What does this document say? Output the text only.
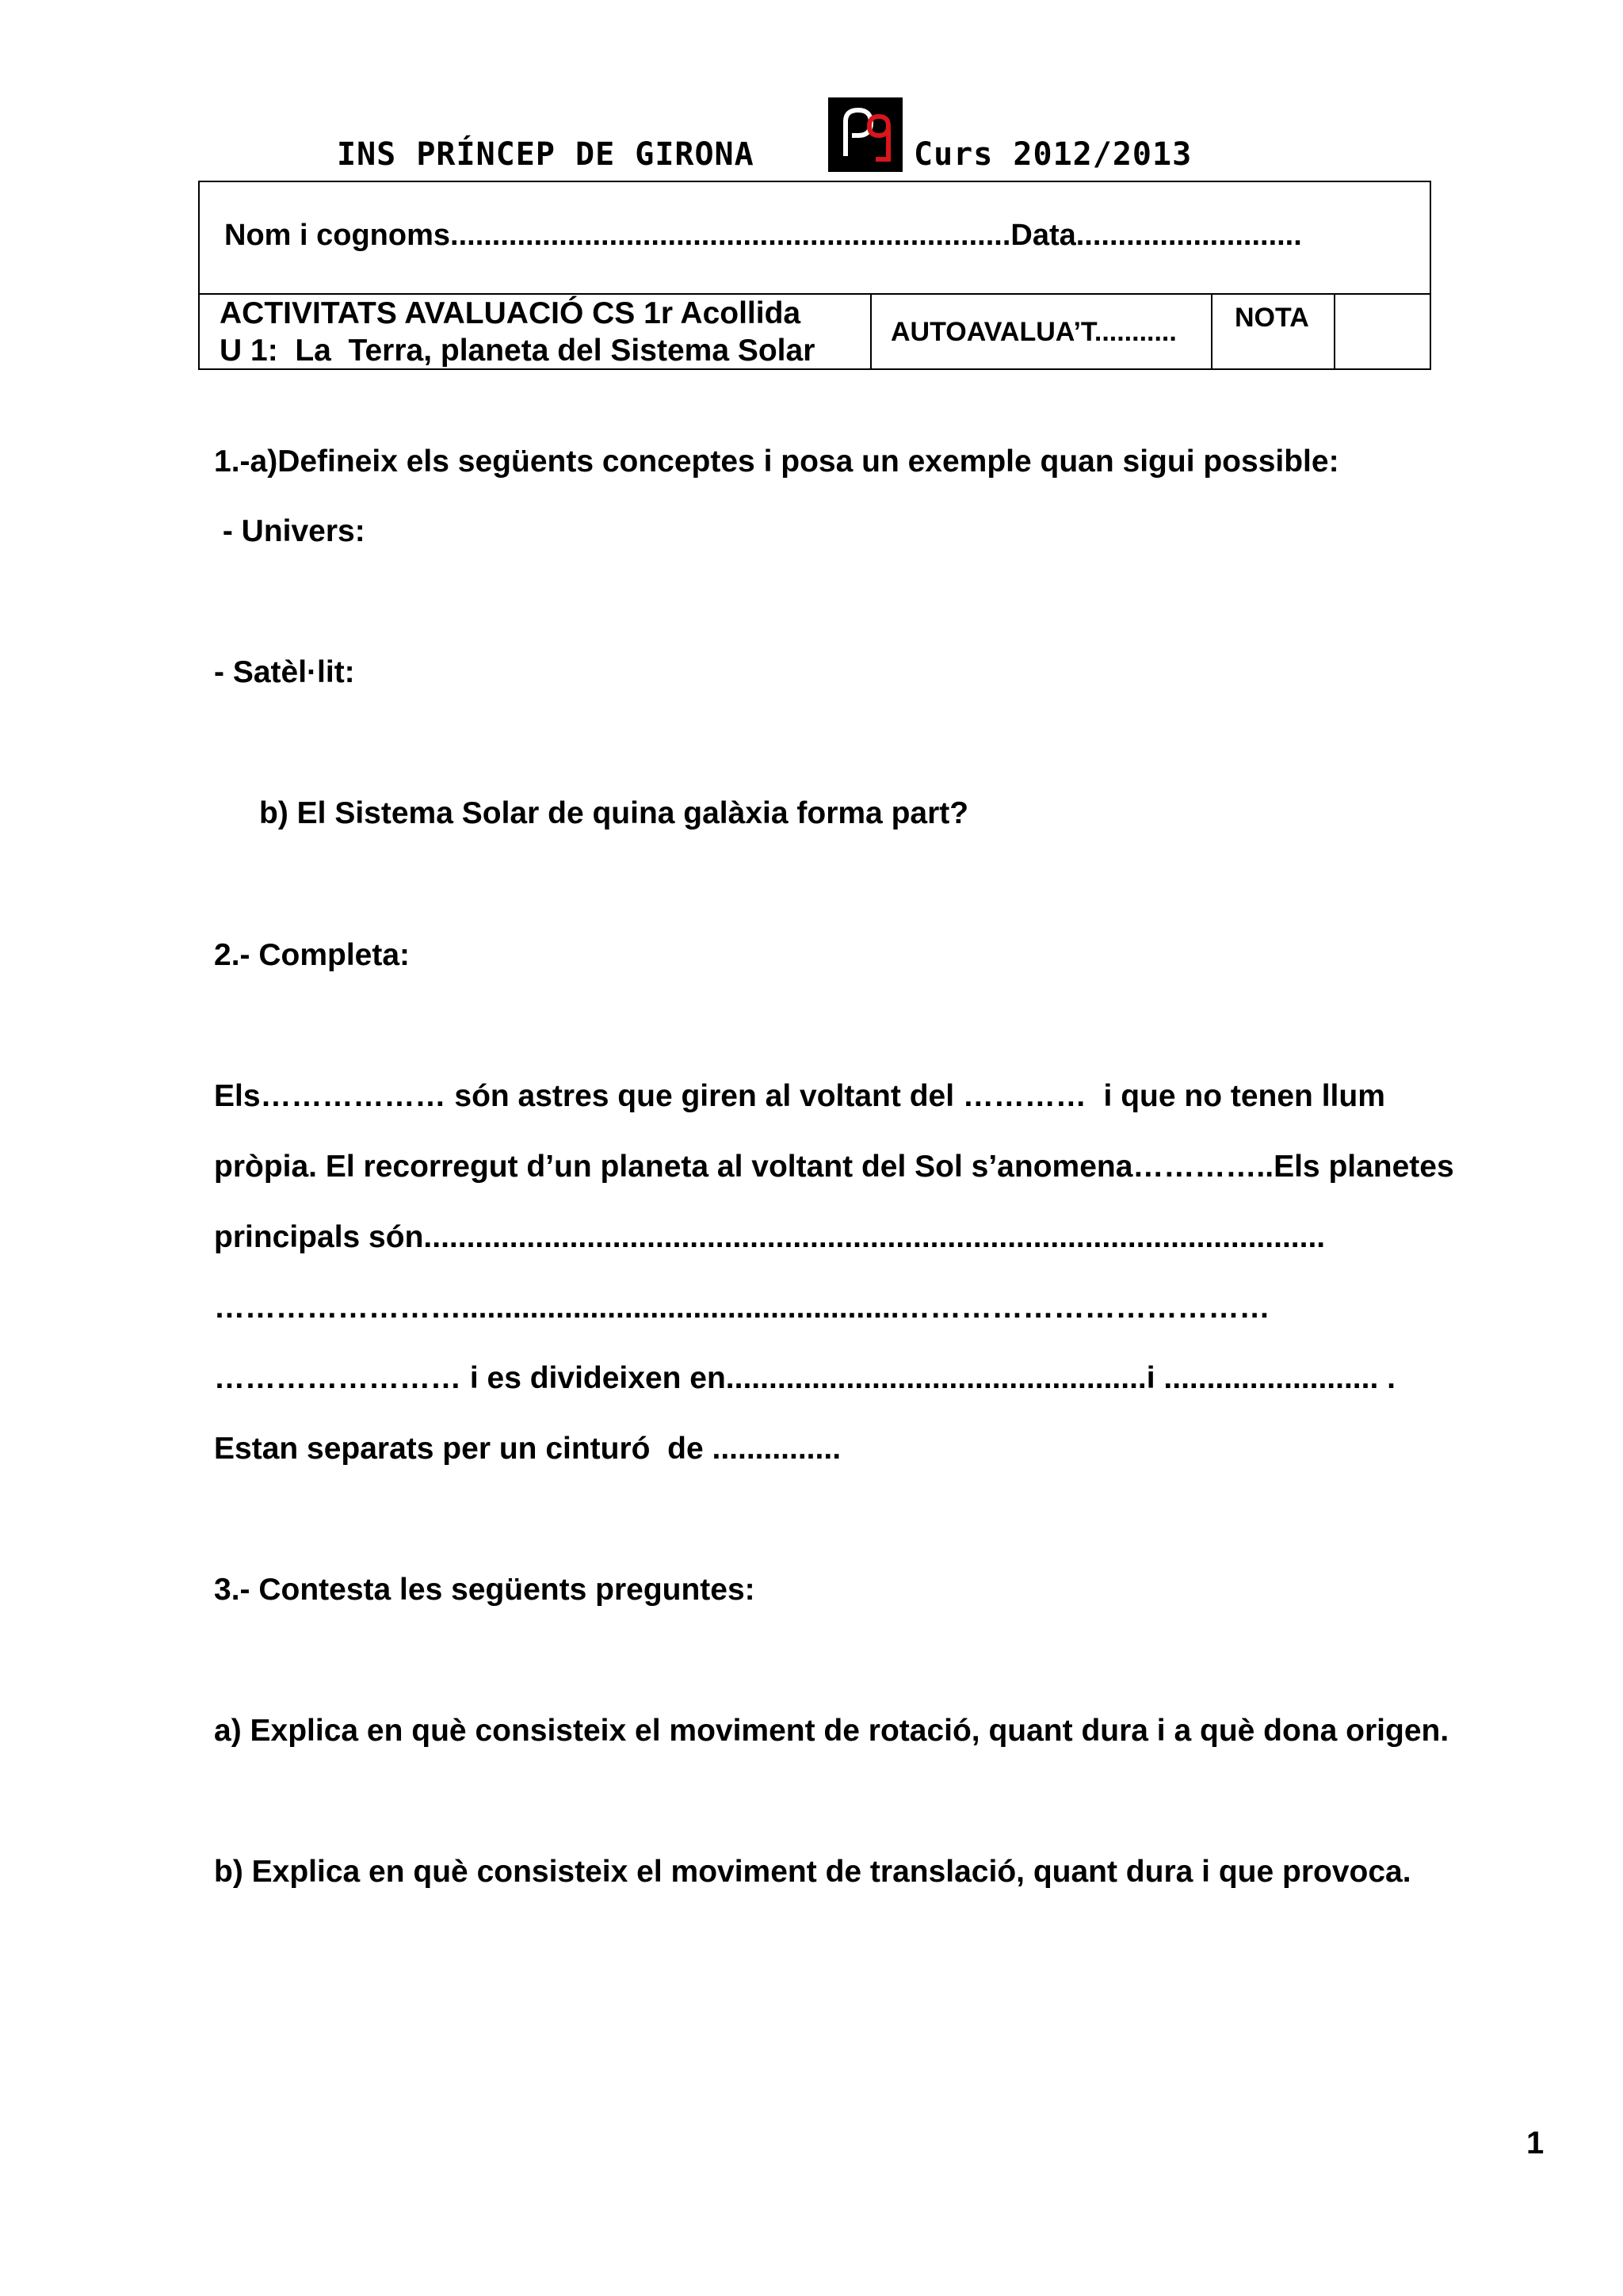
INS PRÍNCEP DE GIRONA	Curs 2012/2013
Nom i cognoms...................................................................Data...........................
ACTIVITATS AVALUACIÓ CS 1r Acollida
U 1:  La  Terra, planeta del Sistema Solar
AUTOAVALUA’T........... NOTA
1.-a)Defineix els següents conceptes i posa un exemple quan sigui possible:
- Univers:
- Satèl·lit:
b) El Sistema Solar de quina galàxia forma part?
2.- Completa:
Els……………… són astres que giren al voltant del …………  i que no tenen llum
pròpia. El recorregut d’un planeta al voltant del Sol s’anomena…………..Els planetes
principals són.........................................................................................................
……………………...................................................………………………………
…………………… i es divideixen en.................................................i ......................... .
Estan separats per un cinturó  de ...............
3.- Contesta les següents preguntes:
a) Explica en què consisteix el moviment de rotació, quant dura i a què dona origen.
b) Explica en què consisteix el moviment de translació, quant dura i que provoca.
1
